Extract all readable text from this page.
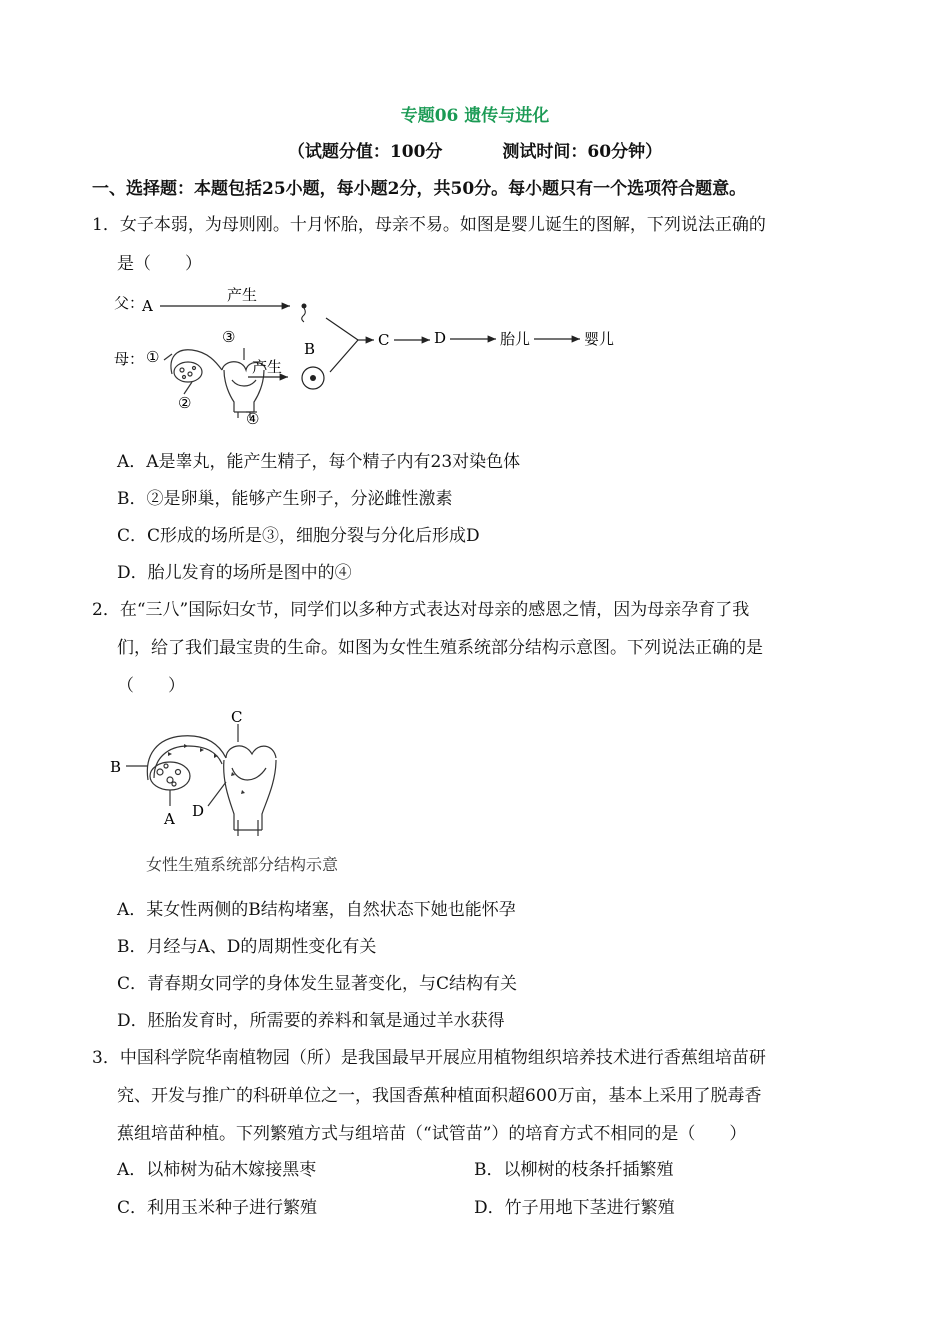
专题06 遗传与进化
（试题分值：100分	测试时间：60分钟）
一、选择题：本题包括25小题，每小题2分，共50分。每小题只有一个选项符合题意。
1．女子本弱，为母则刚。十月怀胎，母亲不易。如图是婴儿诞生的图解，下列说法正确的
是（　　）
父：
A
产生
母： ①
②
③
④
产生
B	C	D	胎儿	婴儿
A．A是睾丸，能产生精子，每个精子内有23对染色体
B．②是卵巢，能够产生卵子，分泌雌性激素
C．C形成的场所是③，细胞分裂与分化后形成D
D．胎儿发育的场所是图中的④
2．在“三八”国际妇女节，同学们以多种方式表达对母亲的感恩之情，因为母亲孕育了我
们，给了我们最宝贵的生命。如图为女性生殖系统部分结构示意图。下列说法正确的是
（　　）
C
B
A D
女性生殖系统部分结构示意
A．某女性两侧的B结构堵塞，自然状态下她也能怀孕
B．月经与A、D的周期性变化有关
C．青春期女同学的身体发生显著变化，与C结构有关
D．胚胎发育时，所需要的养料和氧是通过羊水获得
3．中国科学院华南植物园（所）是我国最早开展应用植物组织培养技术进行香蕉组培苗研
究、开发与推广的科研单位之一，我国香蕉种植面积超600万亩，基本上采用了脱毒香
蕉组培苗种植。下列繁殖方式与组培苗（“试管苗”）的培育方式不相同的是（　　）
A．以柿树为砧木嫁接黑枣	B．以柳树的枝条扦插繁殖
C．利用玉米种子进行繁殖	D．竹子用地下茎进行繁殖
